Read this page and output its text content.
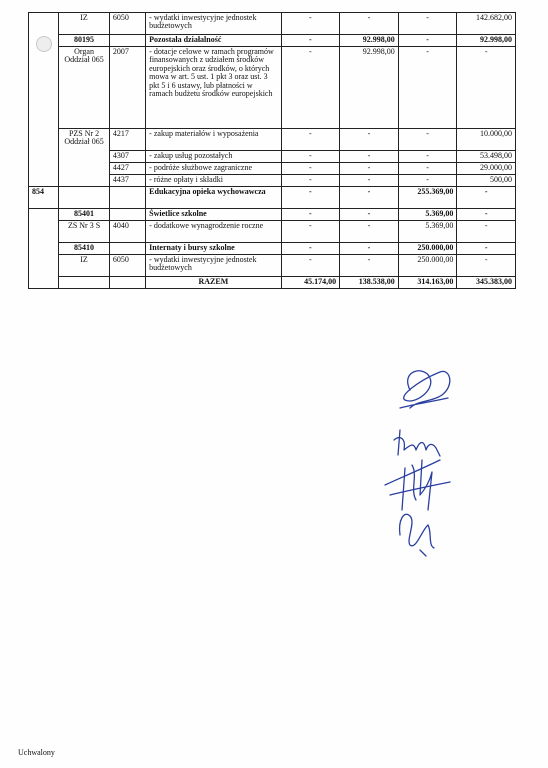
	IZ	6050	- wydatki inwestycyjne jednostek budżetowych	-	-	-	142.682,00
	80195		Pozostała działalność	-	92.998,00	-	92.998,00
	Organ Oddział 065	2007	- dotacje celowe w ramach programów finansowanych z udziałem środków europejskich oraz środków, o których mowa w art. 5 ust. 1 pkt 3 oraz ust. 3 pkt 5 i 6 ustawy, lub płatności w ramach budżetu środków europejskich	-	92.998,00	-	-
	PZS Nr 2 Oddział 065	4217	- zakup materiałów i wyposażenia	-	-	-	10.000,00
		4307	- zakup usług pozostałych	-	-	-	53.498,00
		4427	- podróże służbowe zagraniczne	-	-	-	29.000,00
		4437	- różne opłaty i składki	-	-	-	500,00
854			Edukacyjna opieka wychowawcza	-	-	255.369,00	-
	85401		Świetlice szkolne	-	-	5.369,00	-
	ZS Nr 3 S	4040	- dodatkowe wynagrodzenie roczne	-	-	5.369,00	-
	85410		Internaty i bursy szkolne	-	-	250.000,00	-
	IZ	6050	- wydatki inwestycyjne jednostek budżetowych	-	-	250.000,00	-
			RAZEM	45.174,00	138.538,00	314.163,00	345.383,00
Uchwalony
